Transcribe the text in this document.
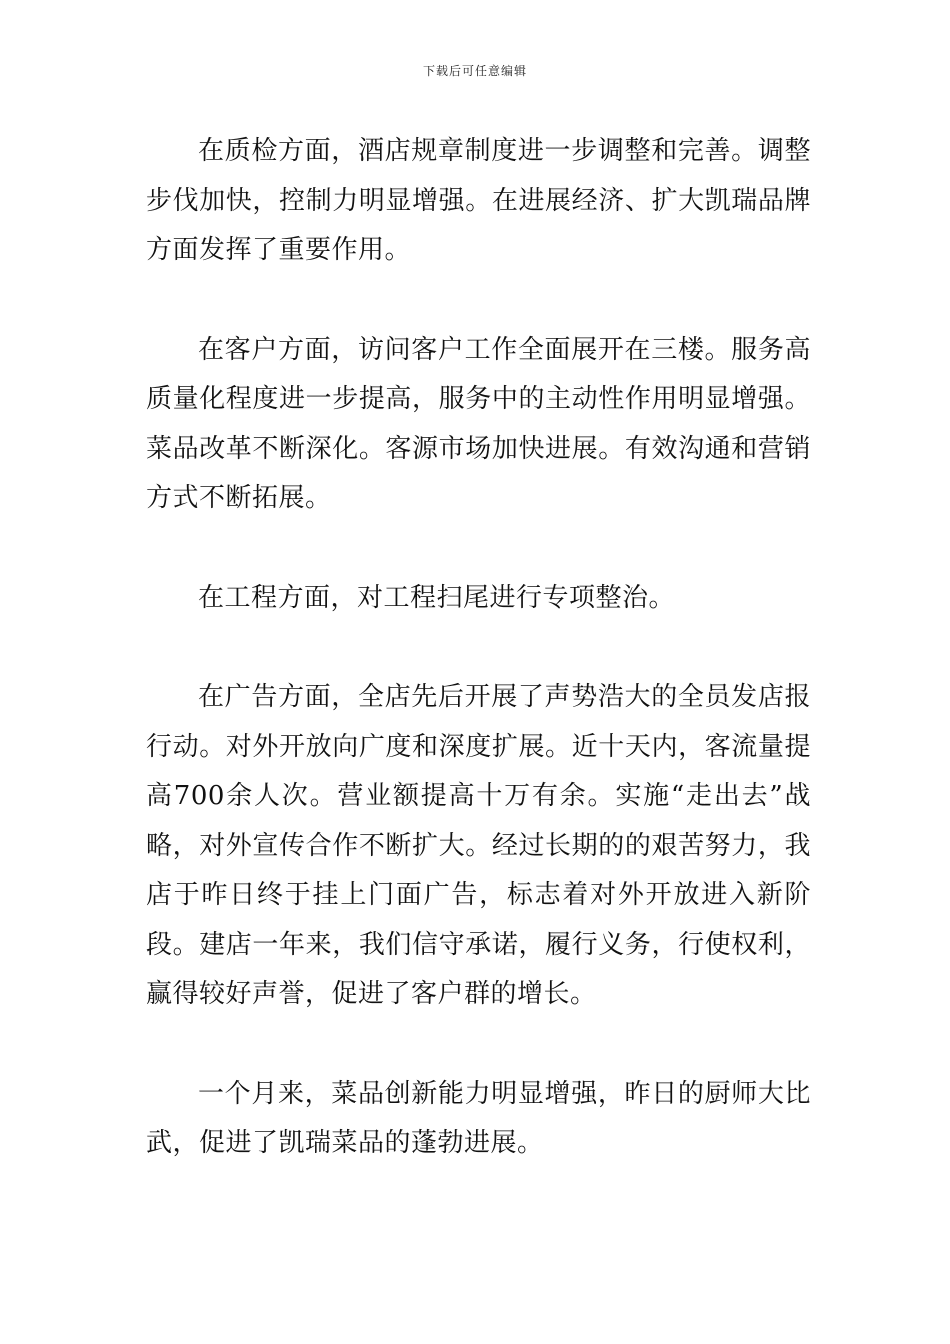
下载后可任意编辑

在质检方面，酒店规章制度进一步调整和完善。调整步伐加快，控制力明显增强。在进展经济、扩大凯瑞品牌方面发挥了重要作用。

在客户方面，访问客户工作全面展开在三楼。服务高质量化程度进一步提高，服务中的主动性作用明显增强。菜品改革不断深化。客源市场加快进展。有效沟通和营销方式不断拓展。

在工程方面，对工程扫尾进行专项整治。

在广告方面，全店先后开展了声势浩大的全员发店报行动。对外开放向广度和深度扩展。近十天内，客流量提高700余人次。营业额提高十万有余。实施“走出去”战略，对外宣传合作不断扩大。经过长期的的艰苦努力，我店于昨日终于挂上门面广告，标志着对外开放进入新阶段。建店一年来，我们信守承诺，履行义务，行使权利，赢得较好声誉，促进了客户群的增长。

一个月来，菜品创新能力明显增强，昨日的厨师大比武，促进了凯瑞菜品的蓬勃进展。
